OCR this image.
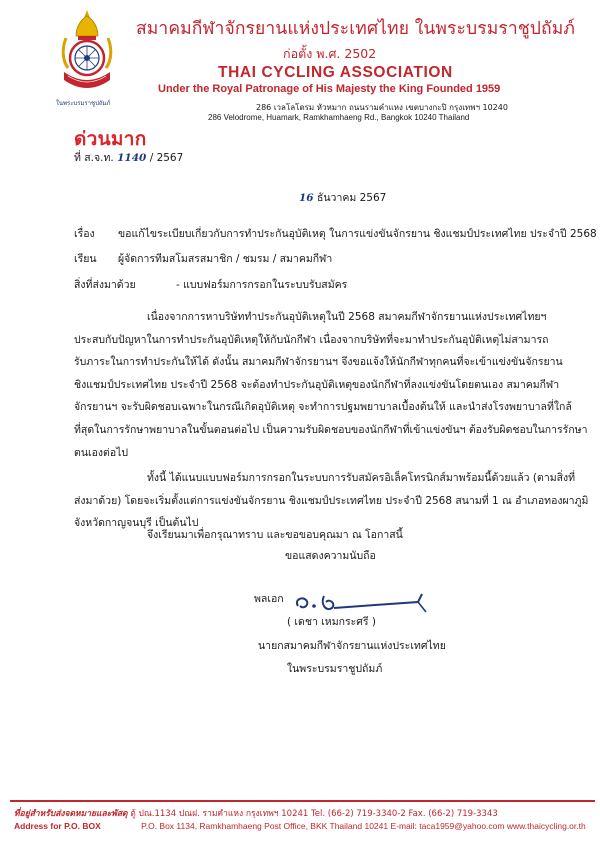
ในพระบรมราชูปถัมภ์
สมาคมกีฬาจักรยานแห่งประเทศไทย ในพระบรมราชูปถัมภ์
ก่อตั้ง พ.ศ. 2502
THAI CYCLING ASSOCIATION
Under the Royal Patronage of His Majesty the King Founded 1959
286 เวลโลโดรม หัวหมาก ถนนรามคำแหง เขตบางกะปิ กรุงเทพฯ 10240
286 Velodrome, Huamark, Ramkhamhaeng Rd., Bangkok 10240 Thailand
ด่วนมาก
ที่ ส.จ.ท. 1140 / 2567
16 ธันวาคม 2567
เรื่อง ขอแก้ไขระเบียบเกี่ยวกับการทำประกันอุบัติเหตุ ในการแข่งขันจักรยาน ชิงแชมป์ประเทศไทย ประจำปี 2568
เรียน ผู้จัดการทีมสโมสรสมาชิก / ชมรม / สมาคมกีฬา
สิ่งที่ส่งมาด้วย	- แบบฟอร์มการกรอกในระบบรับสมัคร
เนื่องจากการหาบริษัททำประกันอุบัติเหตุในปี 2568 สมาคมกีฬาจักรยานแห่งประเทศไทยฯ
ประสบกับปัญหาในการทำประกันอุบัติเหตุให้กับนักกีฬา เนื่องจากบริษัทที่จะมาทำประกันอุบัติเหตุไม่สามารถ
รับภาระในการทำประกันให้ได้ ดังนั้น สมาคมกีฬาจักรยานฯ จึงขอแจ้งให้นักกีฬาทุกคนที่จะเข้าแข่งขันจักรยาน
ชิงแชมป์ประเทศไทย ประจำปี 2568 จะต้องทำประกันอุบัติเหตุของนักกีฬาที่ลงแข่งขันโดยตนเอง สมาคมกีฬา
จักรยานฯ จะรับผิดชอบเฉพาะในกรณีเกิดอุบัติเหตุ จะทำการปฐมพยาบาลเบื้องต้นให้ และนำส่งโรงพยาบาลที่ใกล้
ที่สุดในการรักษาพยาบาลในขั้นตอนต่อไป เป็นความรับผิดชอบของนักกีฬาที่เข้าแข่งขันฯ ต้องรับผิดชอบในการรักษา
ตนเองต่อไป
ทั้งนี้ ได้แนบแบบฟอร์มการกรอกในระบบการรับสมัครอิเล็คโทรนิกส์มาพร้อมนี้ด้วยแล้ว (ตามสิ่งที่
ส่งมาด้วย) โดยจะเริ่มตั้งแต่การแข่งขันจักรยาน ชิงแชมป์ประเทศไทย ประจำปี 2568 สนามที่ 1 ณ อำเภอทองผาภูมิ
จังหวัดกาญจนบุรี เป็นต้นไป
จึงเรียนมาเพื่อกรุณาทราบ และขอขอบคุณมา ณ โอกาสนี้
ขอแสดงความนับถือ
พลเอก
( เดชา เหมกระศรี )
นายกสมาคมกีฬาจักรยานแห่งประเทศไทย
ในพระบรมราชูปถัมภ์
ที่อยู่สำหรับส่งจดหมายและพัสดุ ตู้ ปณ.1134 ปณฝ. รามคำแหง กรุงเทพฯ 10241 Tel. (66-2) 719-3340-2 Fax. (66-2) 719-3343
Address for P.O. BOX	P.O. Box 1134, Ramkhamhaeng Post Office, BKK Thailand 10241 E-mail: taca1959@yahoo.com www.thaicycling.or.th
